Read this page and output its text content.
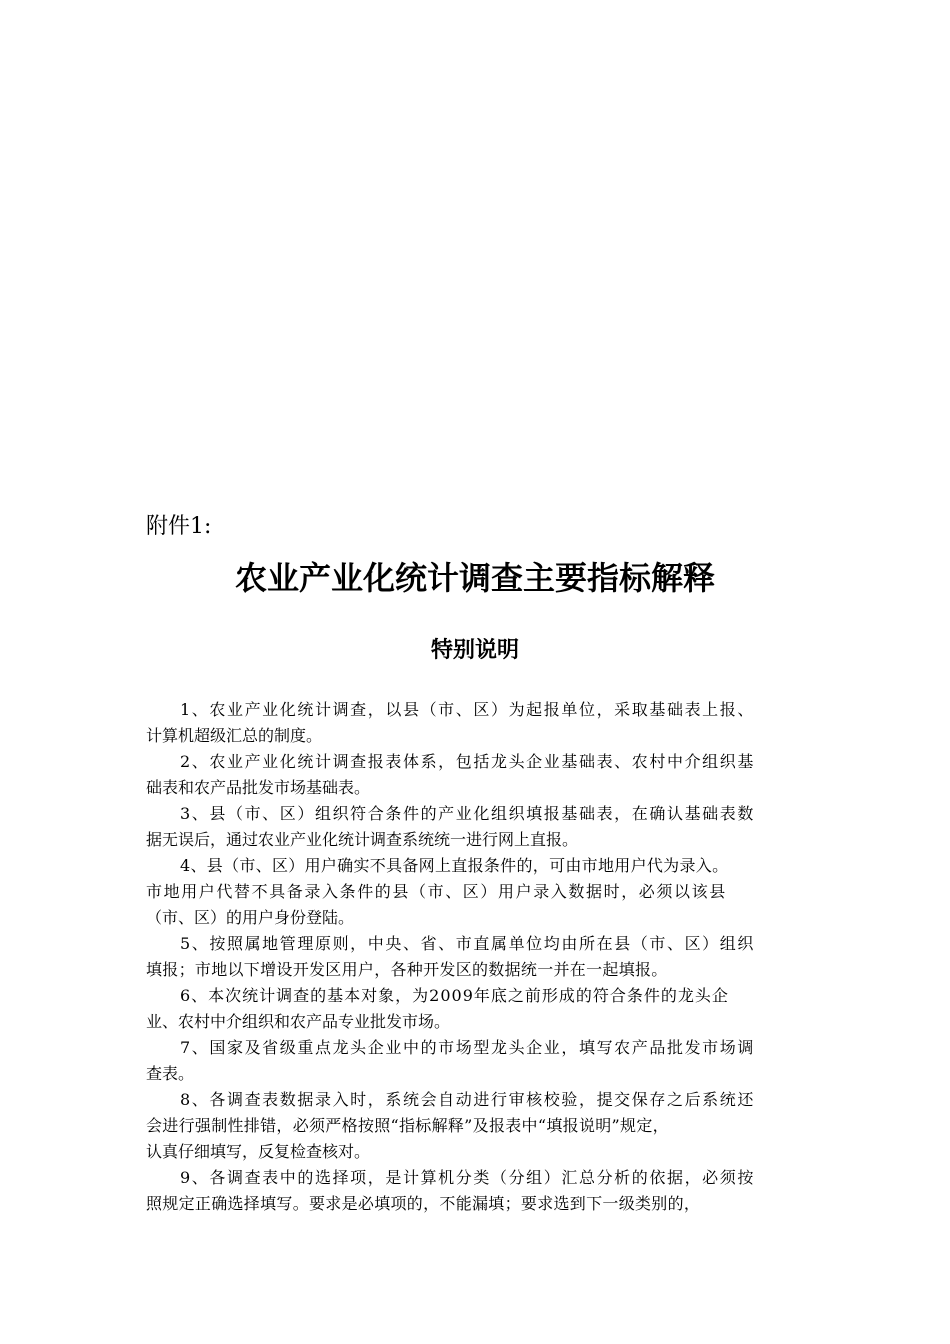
附件1:
农业产业化统计调查主要指标解释
特别说明
1、农业产业化统计调查，以县（市、区）为起报单位，采取基础表上报、
计算机超级汇总的制度。
2、农业产业化统计调查报表体系，包括龙头企业基础表、农村中介组织基
础表和农产品批发市场基础表。
3、县（市、区）组织符合条件的产业化组织填报基础表，在确认基础表数
据无误后，通过农业产业化统计调查系统统一进行网上直报。
4、县（市、区）用户确实不具备网上直报条件的，可由市地用户代为录入。
市地用户代替不具备录入条件的县（市、区）用户录入数据时，必须以该县
（市、区）的用户身份登陆。
5、按照属地管理原则，中央、省、市直属单位均由所在县（市、区）组织
填报；市地以下增设开发区用户，各种开发区的数据统一并在一起填报。
6、本次统计调查的基本对象，为2009年底之前形成的符合条件的龙头企
业、农村中介组织和农产品专业批发市场。
7、国家及省级重点龙头企业中的市场型龙头企业，填写农产品批发市场调
查表。
8、各调查表数据录入时，系统会自动进行审核校验，提交保存之后系统还
会进行强制性排错，必须严格按照“指标解释”及报表中“填报说明”规定，
认真仔细填写，反复检查核对。
9、各调查表中的选择项，是计算机分类（分组）汇总分析的依据，必须按
照规定正确选择填写。要求是必填项的，不能漏填；要求选到下一级类别的，
